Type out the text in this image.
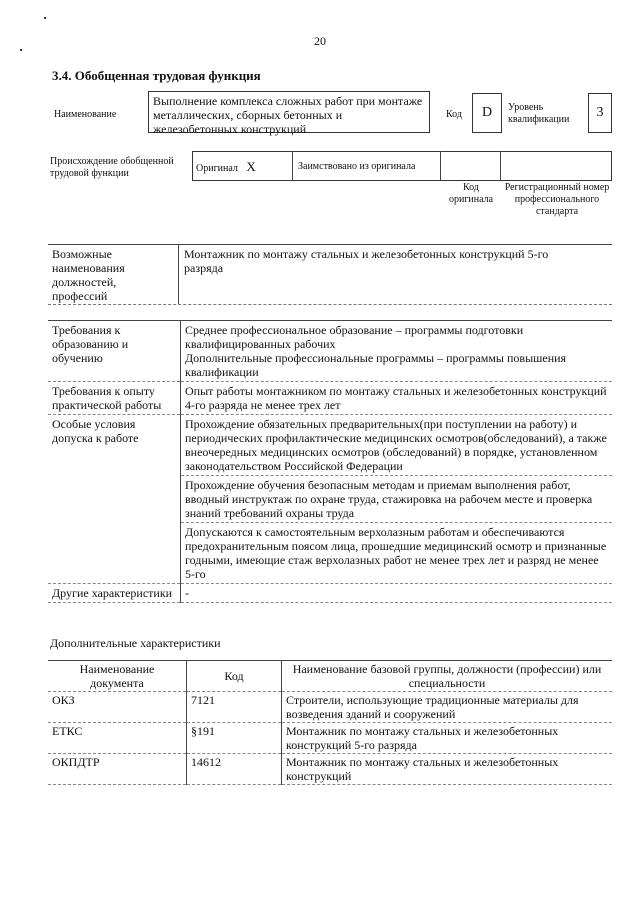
20
3.4. Обобщенная трудовая функция
Наименование
Выполнение комплекса сложных работ при монтаже металлических, сборных бетонных и железобетонных конструкций
Код	D	Уровень квалификации	3
Происхождение обобщенной трудовой функции	Оригинал X	Заимствовано из оригинала
Код оригинала
Регистрационный номер профессионального стандарта
Возможные наименования должностей, профессий
Монтажник по монтажу стальных и железобетонных конструкций 5-го разряда
Требования к образованию и обучению	Среднее профессиональное образование – программы подготовки квалифицированных рабочих
Дополнительные профессиональные программы – программы повышения квалификации

Требования к опыту практической работы	Опыт работы монтажником по монтажу стальных и железобетонных конструкций 4-го разряда не менее трех лет
Особые условия допуска к работе	Прохождение обязательных предварительных(при поступлении на работу) и периодических профилактические медицинских осмотров(обследований), а также внеочередных медицинских осмотров (обследований) в порядке, установленном законодательством Российской Федерации
Прохождение обучения безопасным методам и приемам выполнения работ, вводный инструктаж по охране труда, стажировка на рабочем месте и проверка знаний требований охраны труда
Допускаются к самостоятельным верхолазным работам и обеспечиваются предохранительным поясом лица, прошедшие медицинский осмотр и признанные годными, имеющие стаж верхолазных работ не менее трех лет и разряд не менее 5-го

Другие характеристики	-
Дополнительные характеристики
Наименование документа	Код	Наименование базовой группы, должности (профессии) или специальности
ОКЗ	7121	Строители, использующие традиционные материалы для возведения зданий и сооружений
ЕТКС	§191	Монтажник по монтажу стальных и железобетонных конструкций 5-го разряда
ОКПДТР	14612	Монтажник по монтажу стальных и железобетонных конструкций
